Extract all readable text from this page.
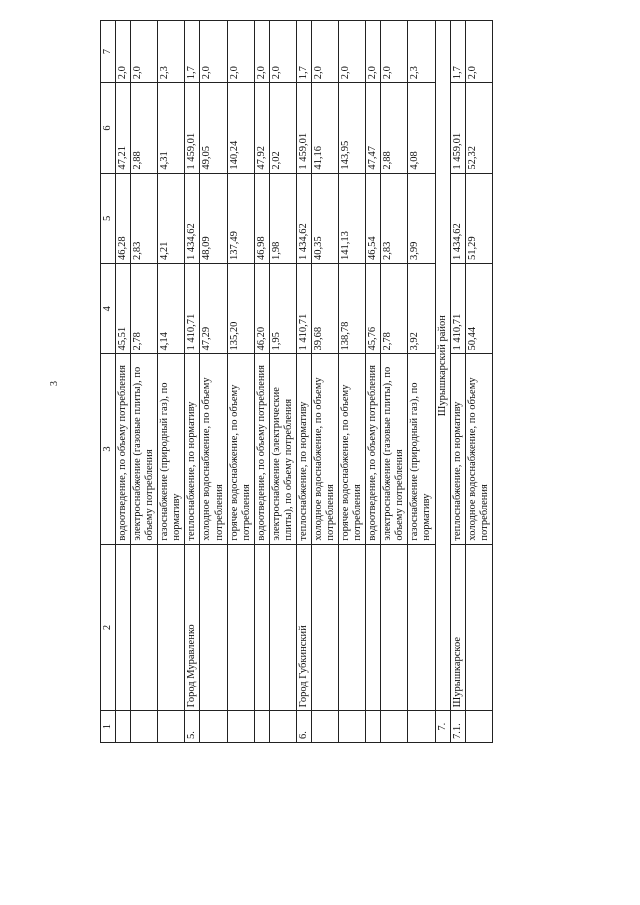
3
1	2	3	4	5	6	7
		водоотведение, по объему потребления	45,51	46,28	47,21	2,0
		электроснабжение (газовые плиты), по объему потребления	2,78	2,83	2,88	2,0
		газоснабжение (природный газ), по нормативу	4,14	4,21	4,31	2,3
5.	Город Муравленко	теплоснабжение, по нормативу	1 410,71	1 434,62	1 459,01	1,7
		холодное водоснабжение, по объему потребления	47,29	48,09	49,05	2,0
		горячее водоснабжение, по объему потребления	135,20	137,49	140,24	2,0
		водоотведение, по объему потребления	46,20	46,98	47,92	2,0
		электроснабжение (электрические плиты), по объему потребления	1,95	1,98	2,02	2,0
6.	Город Губкинский	теплоснабжение, по нормативу	1 410,71	1 434,62	1 459,01	1,7
		холодное водоснабжение, по объему потребления	39,68	40,35	41,16	2,0
		горячее водоснабжение, по объему потребления	138,78	141,13	143,95	2,0
		водоотведение, по объему потребления	45,76	46,54	47,47	2,0
		электроснабжение (газовые плиты), по объему потребления	2,78	2,83	2,88	2,0
		газоснабжение (природный газ), по нормативу	3,92	3,99	4,08	2,3
7.	Шурышкарский район					
7.1.	Шурышкарское	теплоснабжение, по нормативу	1 410,71	1 434,62	1 459,01	1,7
		холодное водоснабжение, по объему потребления	50,44	51,29	52,32	2,0
